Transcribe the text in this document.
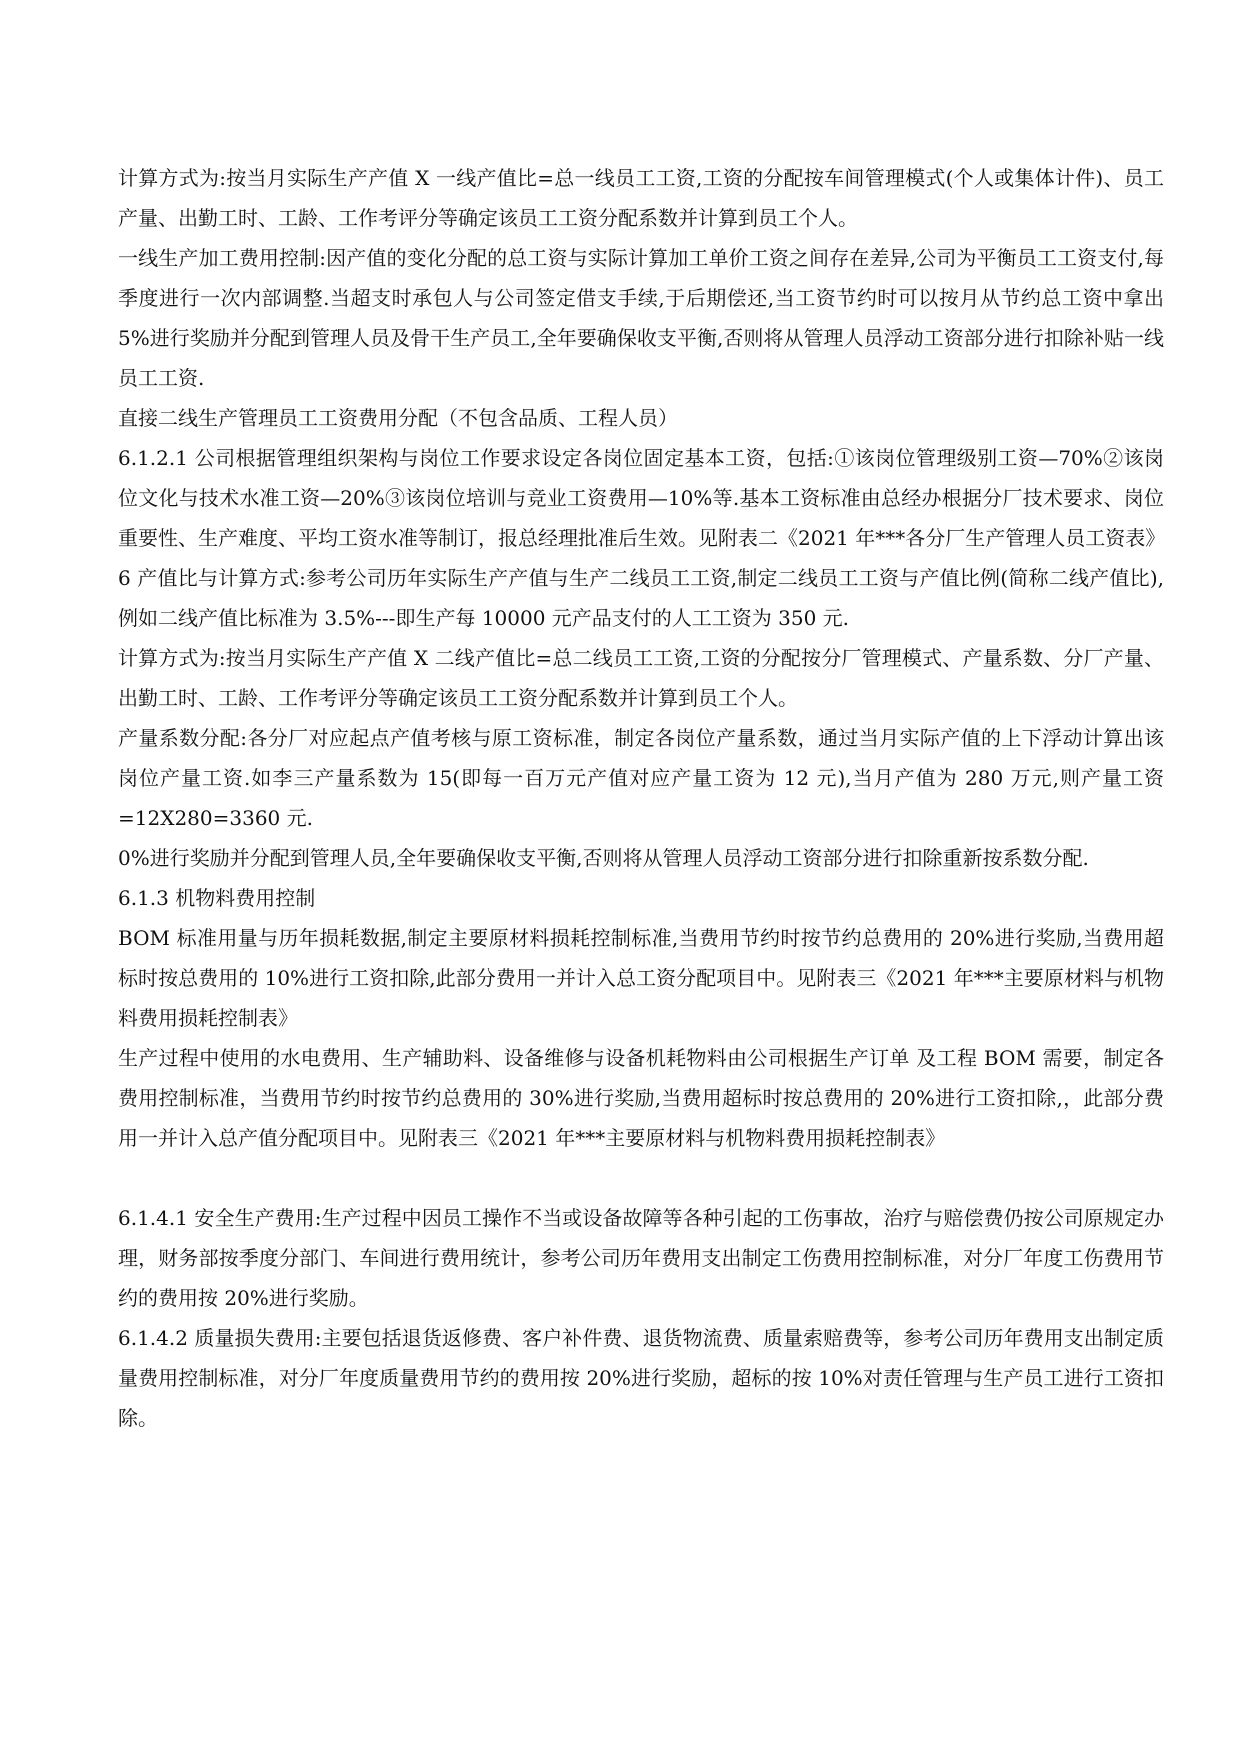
计算方式为:按当月实际生产产值 X 一线产值比=总一线员工工资,工资的分配按车间管理模式(个人或集体计件)、员工产量、出勤工时、工龄、工作考评分等确定该员工工资分配系数并计算到员工个人。

一线生产加工费用控制:因产值的变化分配的总工资与实际计算加工单价工资之间存在差异,公司为平衡员工工资支付,每季度进行一次内部调整.当超支时承包人与公司签定借支手续,于后期偿还,当工资节约时可以按月从节约总工资中拿出 5%进行奖励并分配到管理人员及骨干生产员工,全年要确保收支平衡,否则将从管理人员浮动工资部分进行扣除补贴一线员工工资.

直接二线生产管理员工工资费用分配（不包含品质、工程人员）

6.1.2.1 公司根据管理组织架构与岗位工作要求设定各岗位固定基本工资，包括:①该岗位管理级别工资—70%②该岗位文化与技术水准工资—20%③该岗位培训与竞业工资费用—10%等.基本工资标准由总经办根据分厂技术要求、岗位重要性、生产难度、平均工资水准等制订，报总经理批准后生效。见附表二《2021 年***各分厂生产管理人员工资表》

6 产值比与计算方式:参考公司历年实际生产产值与生产二线员工工资,制定二线员工工资与产值比例(简称二线产值比),例如二线产值比标准为 3.5%---即生产每 10000 元产品支付的人工工资为 350 元.

计算方式为:按当月实际生产产值 X 二线产值比=总二线员工工资,工资的分配按分厂管理模式、产量系数、分厂产量、出勤工时、工龄、工作考评分等确定该员工工资分配系数并计算到员工个人。

产量系数分配:各分厂对应起点产值考核与原工资标准，制定各岗位产量系数，通过当月实际产值的上下浮动计算出该岗位产量工资.如李三产量系数为 15(即每一百万元产值对应产量工资为 12 元),当月产值为 280 万元,则产量工资=12X280=3360 元.

0%进行奖励并分配到管理人员,全年要确保收支平衡,否则将从管理人员浮动工资部分进行扣除重新按系数分配.

6.1.3 机物料费用控制

BOM 标准用量与历年损耗数据,制定主要原材料损耗控制标准,当费用节约时按节约总费用的 20%进行奖励,当费用超标时按总费用的 10%进行工资扣除,此部分费用一并计入总工资分配项目中。见附表三《2021 年***主要原材料与机物料费用损耗控制表》

生产过程中使用的水电费用、生产辅助料、设备维修与设备机耗物料由公司根据生产订单 及工程 BOM 需要，制定各费用控制标准，当费用节约时按节约总费用的 30%进行奖励,当费用超标时按总费用的 20%进行工资扣除,，此部分费用一并计入总产值分配项目中。见附表三《2021 年***主要原材料与机物料费用损耗控制表》

6.1.4.1 安全生产费用:生产过程中因员工操作不当或设备故障等各种引起的工伤事故，治疗与赔偿费仍按公司原规定办理，财务部按季度分部门、车间进行费用统计，参考公司历年费用支出制定工伤费用控制标准，对分厂年度工伤费用节约的费用按 20%进行奖励。

6.1.4.2 质量损失费用:主要包括退货返修费、客户补件费、退货物流费、质量索赔费等，参考公司历年费用支出制定质量费用控制标准，对分厂年度质量费用节约的费用按 20%进行奖励，超标的按 10%对责任管理与生产员工进行工资扣除。
